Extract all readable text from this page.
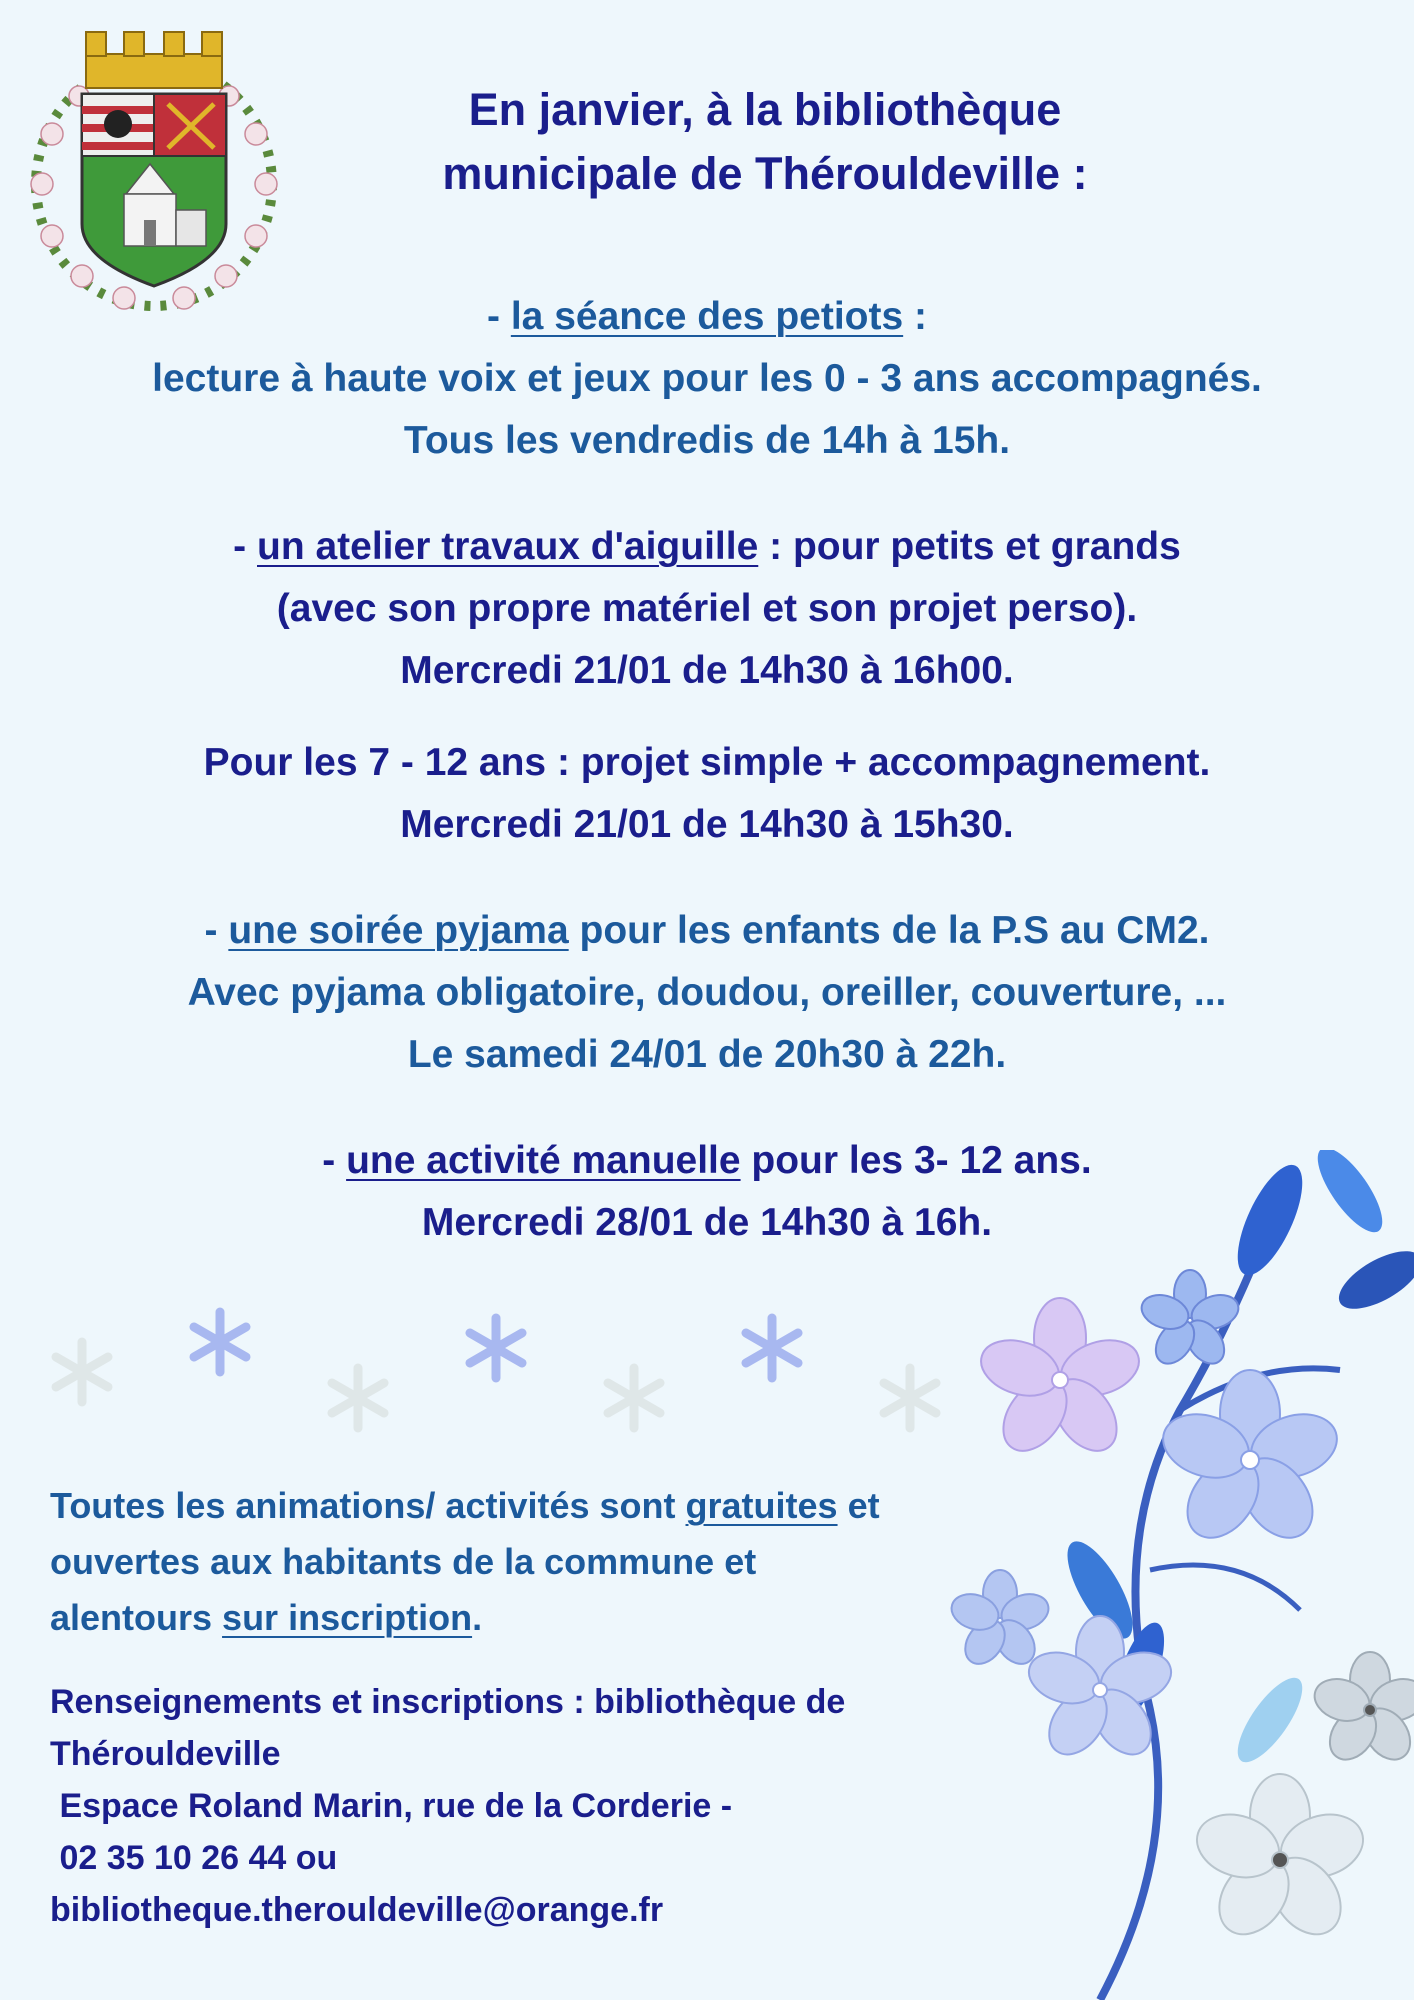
En janvier, à la bibliothèque
municipale de Thérouldeville :
- la séance des petiots :
lecture à haute voix et jeux pour les 0 - 3 ans accompagnés.
Tous les vendredis de 14h à 15h.
- un atelier travaux d'aiguille : pour petits et grands
(avec son propre matériel et son projet perso).
Mercredi 21/01 de 14h30 à 16h00.
Pour les 7 - 12 ans : projet simple + accompagnement.
Mercredi 21/01 de 14h30 à 15h30.
- une soirée pyjama pour les enfants de la P.S au CM2.
Avec pyjama obligatoire, doudou, oreiller, couverture, ...
Le samedi 24/01 de 20h30 à 22h.
- une activité manuelle pour les 3- 12 ans.
Mercredi 28/01 de 14h30 à 16h.
Toutes les animations/ activités sont gratuites et
ouvertes aux habitants de la commune et
alentours sur inscription.
Renseignements et inscriptions : bibliothèque de
Thérouldeville
Espace Roland Marin, rue de la Corderie -
02 35 10 26 44 ou
bibliotheque.therouldeville@orange.fr
